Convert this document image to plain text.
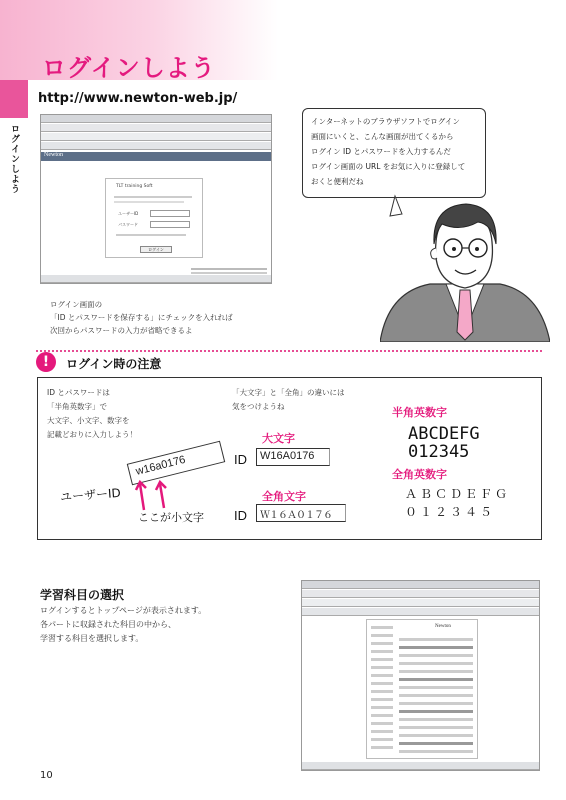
ログインしよう
ログインしよう
http://www.newton-web.jp/
Newton
TLT training Soft
ユーザーID
パスワード
ログイン
ログイン画面の
「ID とパスワードを保存する」にチェックを入れれば
次回からパスワードの入力が省略できるよ
インターネットのブラウザソフトでログイン
画面にいくと、こんな画面が出てくるから
ログイン ID とパスワードを入力するんだ
ログイン画面の URL をお気に入りに登録して
おくと便利だね
!	ログイン時の注意
ID とパスワードは
「半角英数字」で
大文字、小文字、数字を
記載どおりに入力しよう！
「大文字」と「全角」の違いには
気をつけようね
ユーザーID
w16a0176
ここが小文字
大文字
ID	W16A0176
全角文字
ID	Ｗ１６Ａ０１７６
半角英数字
ABCDEFG
012345
全角英数字
ＡＢＣＤＥＦＧ
０１２３４５
学習科目の選択
ログインするとトップページが表示されます。
各パートに収録された科目の中から、
学習する科目を選択します。
Newton
10
